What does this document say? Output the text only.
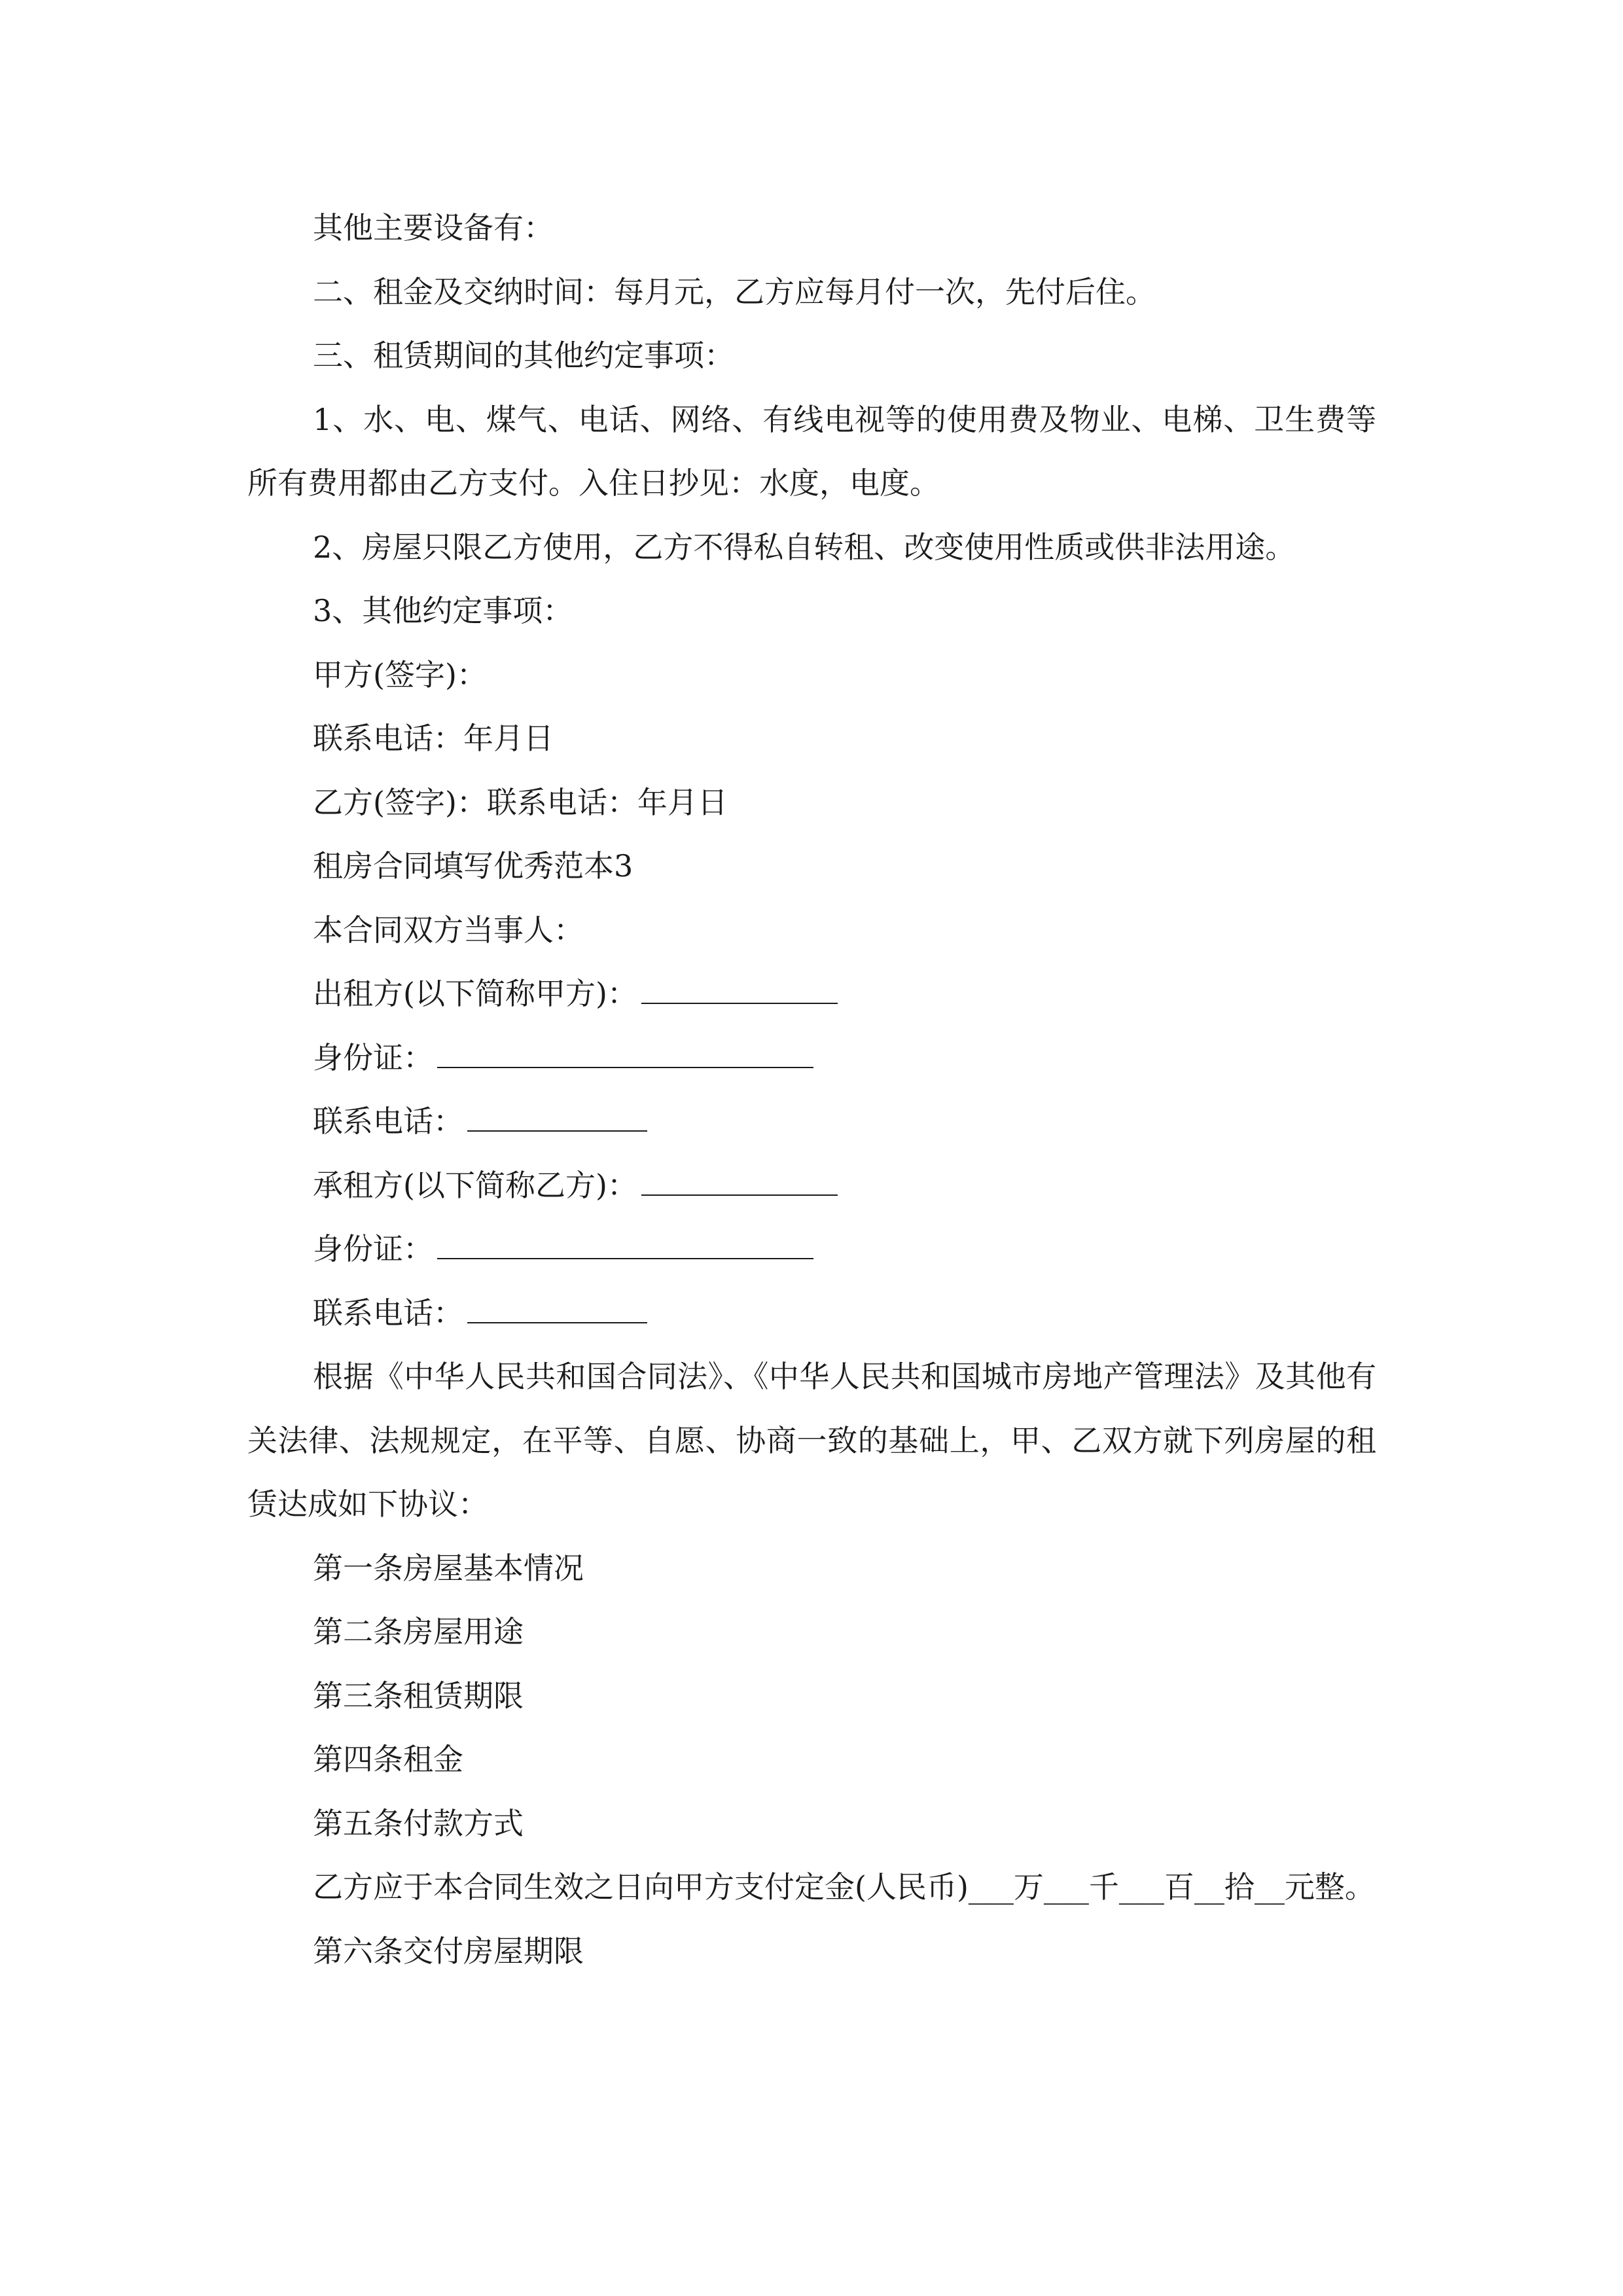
其他主要设备有：

二、租金及交纳时间：每月元，乙方应每月付一次，先付后住。

三、租赁期间的其他约定事项：

1、水、电、煤气、电话、网络、有线电视等的使用费及物业、电梯、卫生费等所有费用都由乙方支付。入住日抄见：水度，电度。

2、房屋只限乙方使用，乙方不得私自转租、改变使用性质或供非法用途。

3、其他约定事项：

甲方(签字)：

联系电话：年月日

乙方(签字)：联系电话：年月日

租房合同填写优秀范本3

本合同双方当事人：

出租方(以下简称甲方)：

身份证：

联系电话：

承租方(以下简称乙方)：

身份证：

联系电话：

根据《中华人民共和国合同法》、《中华人民共和国城市房地产管理法》及其他有关法律、法规规定，在平等、自愿、协商一致的基础上，甲、乙双方就下列房屋的租赁达成如下协议：

第一条房屋基本情况

第二条房屋用途

第三条租赁期限

第四条租金

第五条付款方式

乙方应于本合同生效之日向甲方支付定金(人民币)___万___千___百__拾__元整。

第六条交付房屋期限
